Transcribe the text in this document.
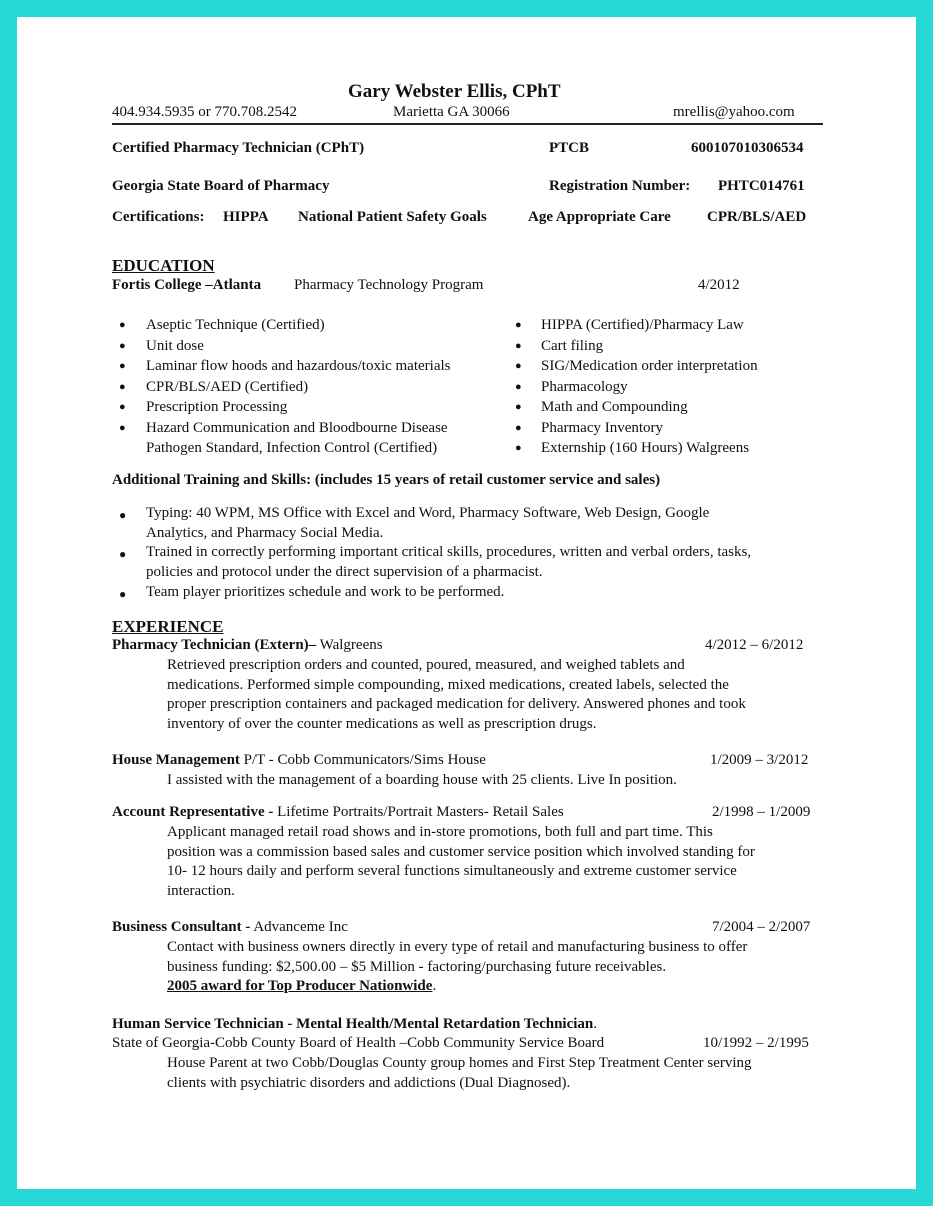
Gary Webster Ellis, CPhT
404.934.5935 or 770.708.2542	Marietta GA 30066	mrellis@yahoo.com
Certified Pharmacy Technician (CPhT)	PTCB	600107010306534
Georgia State Board of Pharmacy	Registration Number: PHTC014761
Certifications: HIPPA National Patient Safety Goals	Age Appropriate Care CPR/BLS/AED
EDUCATION
Fortis College –Atlanta Pharmacy Technology Program	4/2012
● Aseptic Technique (Certified)
● Unit dose
● Laminar flow hoods and hazardous/toxic materials
● CPR/BLS/AED (Certified)
● Prescription Processing
● Hazard Communication and Bloodbourne Disease
Pathogen Standard, Infection Control (Certified)
● HIPPA (Certified)/Pharmacy Law
● Cart filing
● SIG/Medication order interpretation
● Pharmacology
● Math and Compounding
● Pharmacy Inventory
● Externship (160 Hours) Walgreens
Additional Training and Skills: (includes 15 years of retail customer service and sales)
● Typing: 40 WPM, MS Office with Excel and Word, Pharmacy Software, Web Design, Google
Analytics, and Pharmacy Social Media.
● Trained in correctly performing important critical skills, procedures, written and verbal orders, tasks,
policies and protocol under the direct supervision of a pharmacist.
● Team player prioritizes schedule and work to be performed.
EXPERIENCE
Pharmacy Technician (Extern)– Walgreens	4/2012 – 6/2012
Retrieved prescription orders and counted, poured, measured, and weighed tablets and
medications. Performed simple compounding, mixed medications, created labels, selected the
proper prescription containers and packaged medication for delivery. Answered phones and took
inventory of over the counter medications as well as prescription drugs.
House Management P/T - Cobb Communicators/Sims House	1/2009 – 3/2012
I assisted with the management of a boarding house with 25 clients. Live In position.
Account Representative - Lifetime Portraits/Portrait Masters- Retail Sales	2/1998 – 1/2009
Applicant managed retail road shows and in-store promotions, both full and part time. This
position was a commission based sales and customer service position which involved standing for
10- 12 hours daily and perform several functions simultaneously and extreme customer service
interaction.
Business Consultant - Advanceme Inc	7/2004 – 2/2007
Contact with business owners directly in every type of retail and manufacturing business to offer
business funding: $2,500.00 – $5 Million - factoring/purchasing future receivables.
2005 award for Top Producer Nationwide.
Human Service Technician - Mental Health/Mental Retardation Technician.
State of Georgia-Cobb County Board of Health –Cobb Community Service Board	10/1992 – 2/1995
House Parent at two Cobb/Douglas County group homes and First Step Treatment Center serving
clients with psychiatric disorders and addictions (Dual Diagnosed).
